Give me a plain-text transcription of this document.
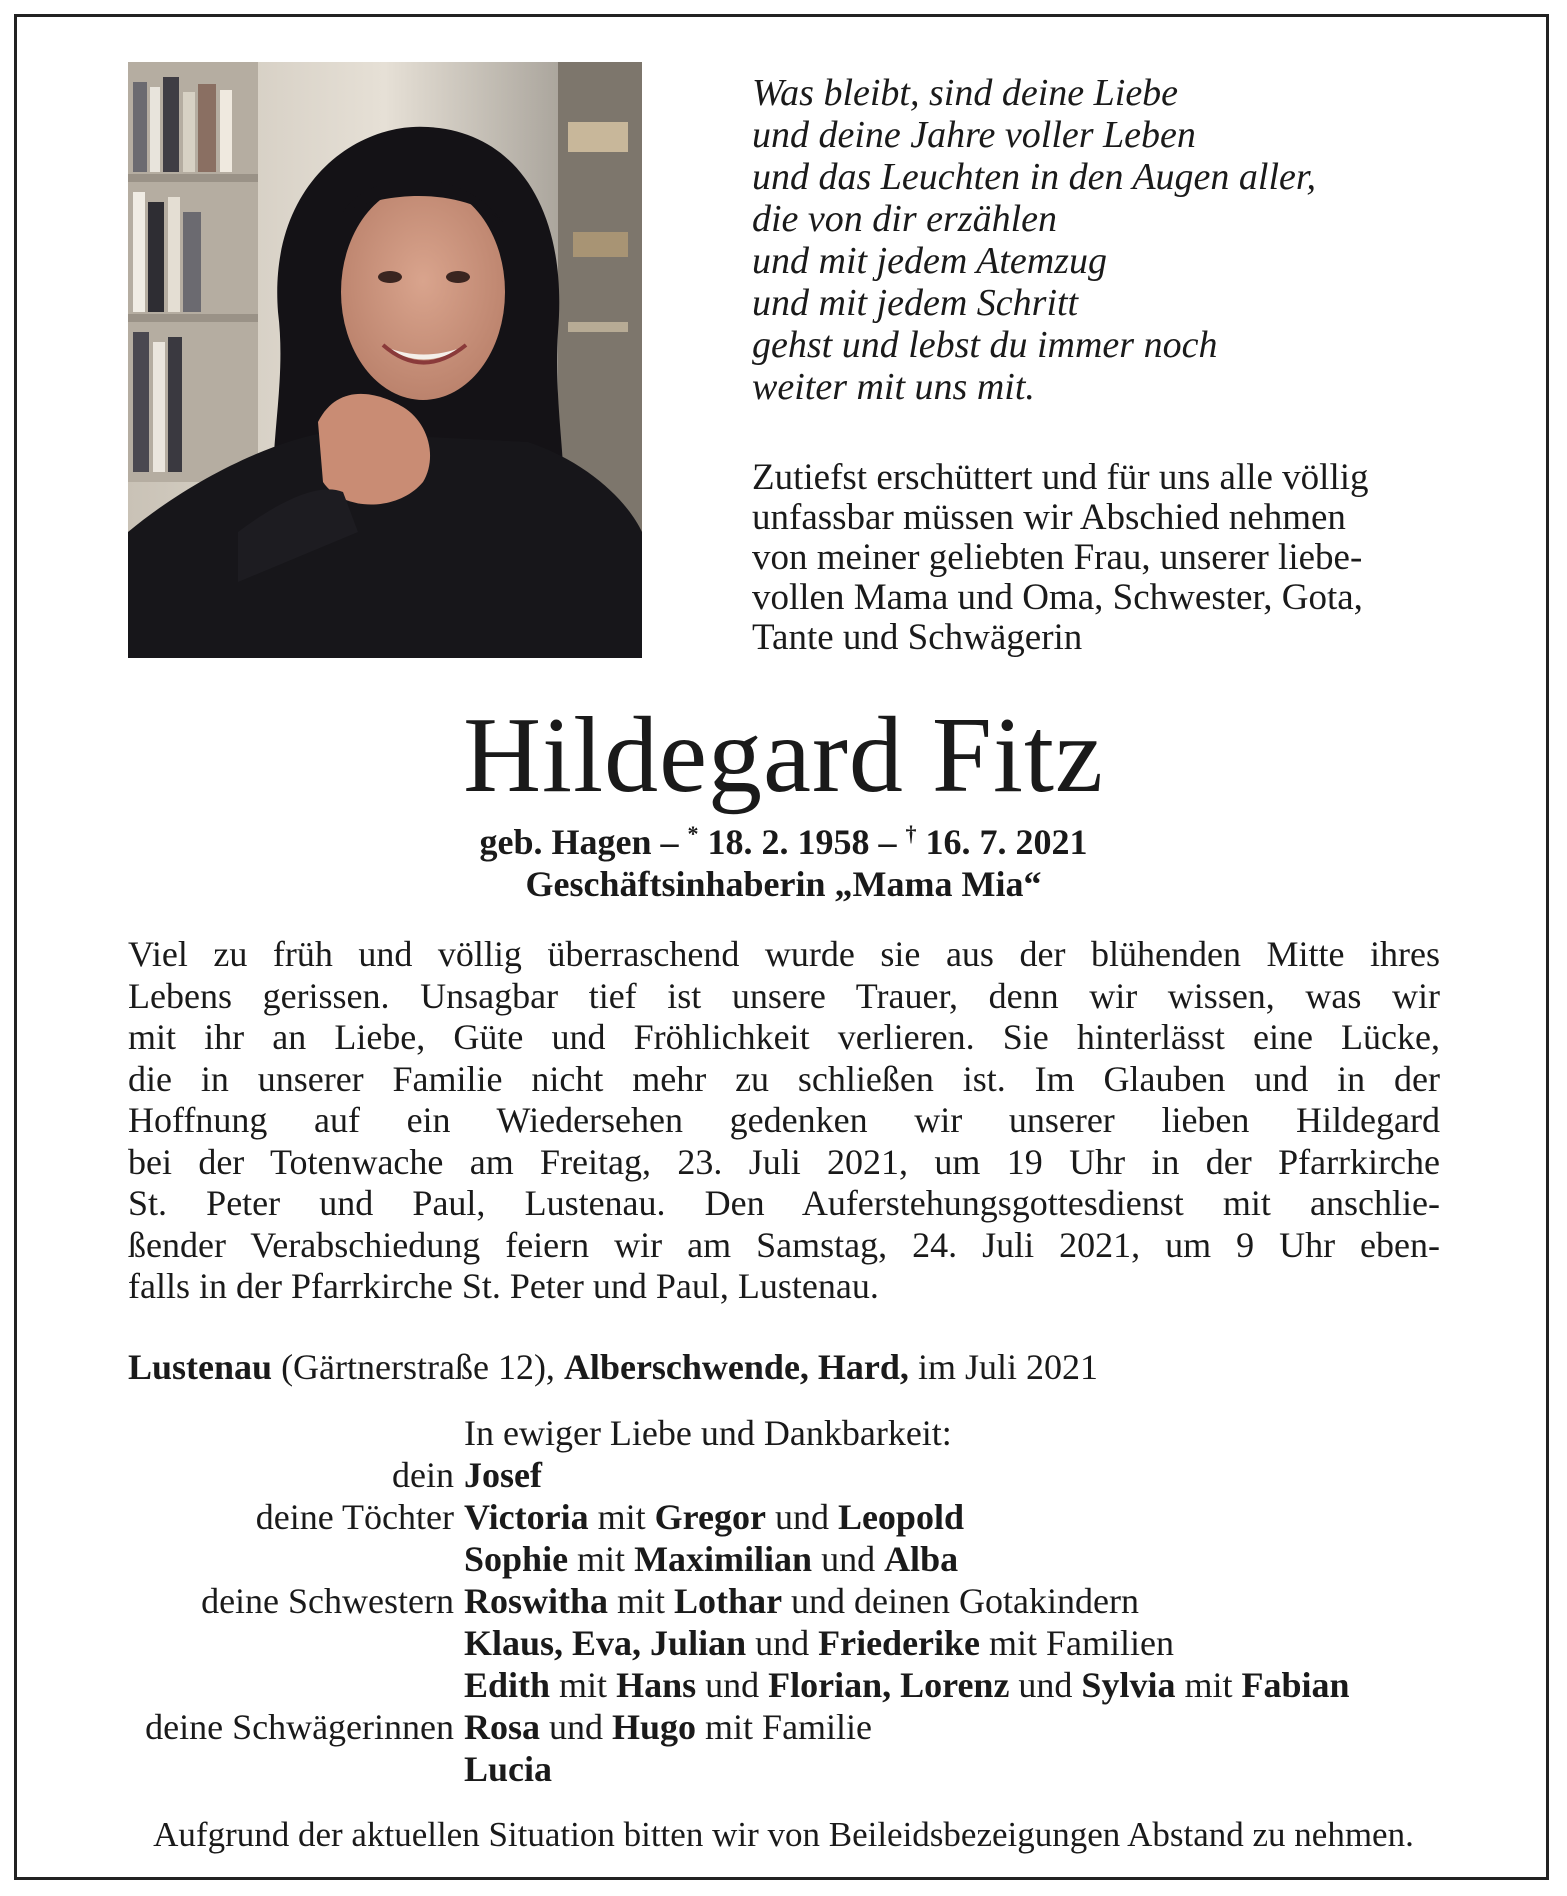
Was bleibt, sind deine Liebe
und deine Jahre voller Leben
und das Leuchten in den Augen aller,
die von dir erzählen
und mit jedem Atemzug
und mit jedem Schritt
gehst und lebst du immer noch
weiter mit uns mit.
Zutiefst erschüttert und für uns alle völlig
unfassbar müssen wir Abschied nehmen
von meiner geliebten Frau, unserer liebe-
vollen Mama und Oma, Schwester, Gota,
Tante und Schwägerin
Hildegard Fitz
geb. Hagen – * 18. 2. 1958 – † 16. 7. 2021
Geschäftsinhaberin „Mama Mia“
Viel zu früh und völlig überraschend wurde sie aus der blühenden Mitte ihres
Lebens gerissen. Unsagbar tief ist unsere Trauer, denn wir wissen, was wir
mit ihr an Liebe, Güte und Fröhlichkeit verlieren. Sie hinterlässt eine Lücke,
die in unserer Familie nicht mehr zu schließen ist. Im Glauben und in der
Hoffnung auf ein Wiedersehen gedenken wir unserer lieben Hildegard
bei der Totenwache am Freitag, 23. Juli 2021, um 19 Uhr in der Pfarrkirche
St. Peter und Paul, Lustenau. Den Auferstehungsgottesdienst mit anschlie-
ßender Verabschiedung feiern wir am Samstag, 24. Juli 2021, um 9 Uhr eben-
falls in der Pfarrkirche St. Peter und Paul, Lustenau.
Lustenau (Gärtnerstraße 12), Alberschwende, Hard, im Juli 2021
In ewiger Liebe und Dankbarkeit:
dein Josef
deine Töchter Victoria mit Gregor und Leopold
Sophie mit Maximilian und Alba
deine Schwestern Roswitha mit Lothar und deinen Gotakindern
Klaus, Eva, Julian und Friederike mit Familien
Edith mit Hans und Florian, Lorenz und Sylvia mit Fabian
deine Schwägerinnen Rosa und Hugo mit Familie
Lucia
Aufgrund der aktuellen Situation bitten wir von Beileidsbezeigungen Abstand zu nehmen.
